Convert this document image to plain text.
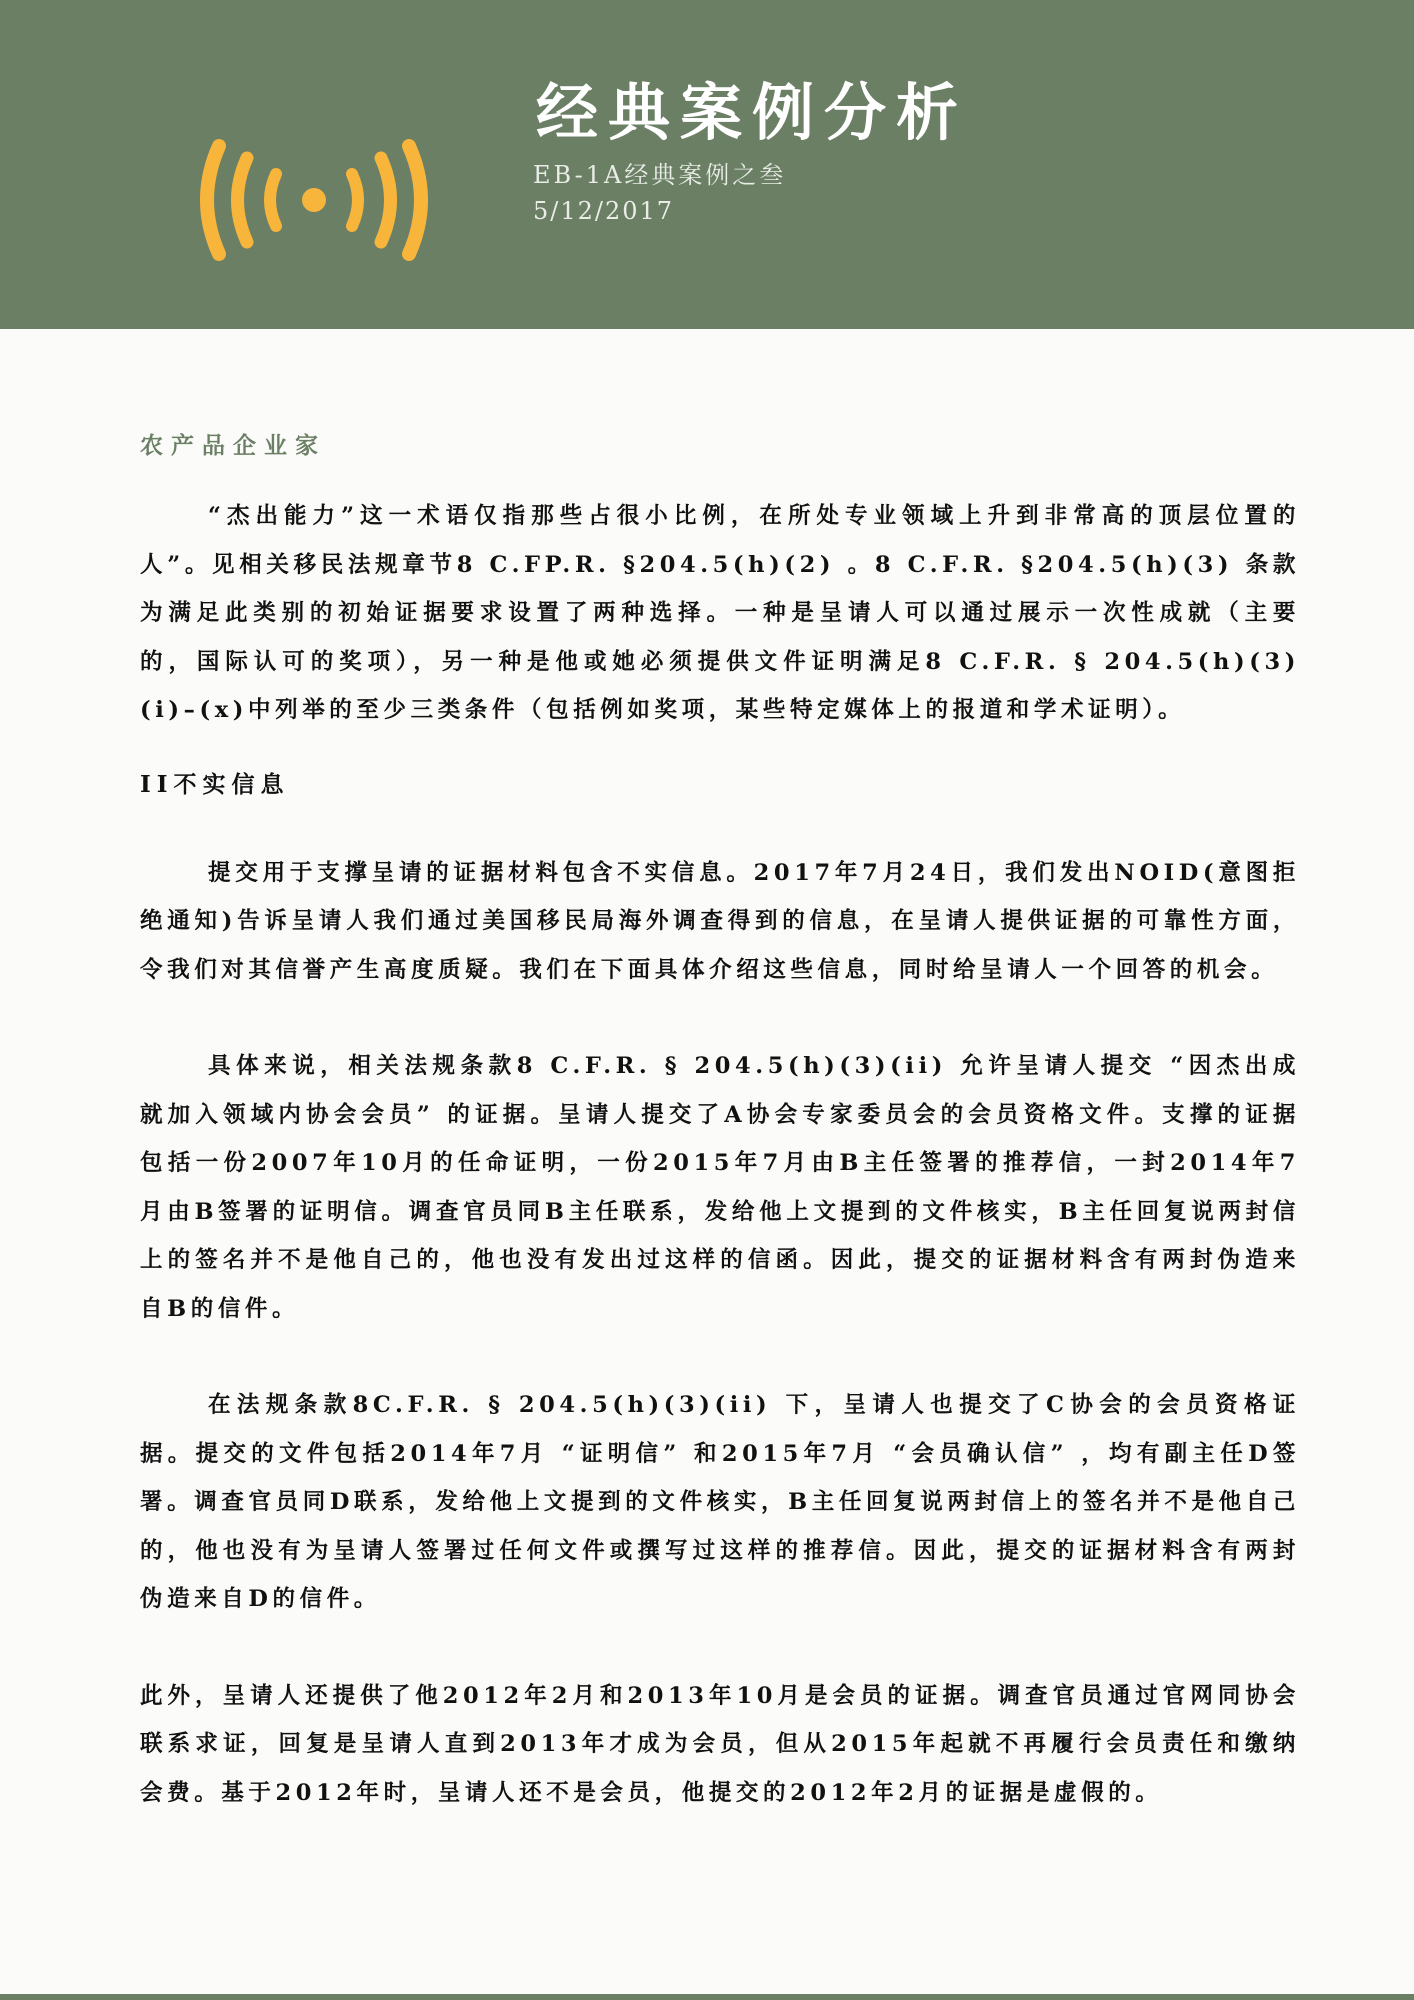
经典案例分析

EB-1A经典案例之叁

5/12/2017

农产品企业家

“杰出能力”这一术语仅指那些占很小比例，在所处专业领域上升到非常高的顶层位置的人”。见相关移民法规章节8 C.FP.R. §204.5(h)(2) 。8 C.F.R. §204.5(h)(3) 条款为满足此类别的初始证据要求设置了两种选择。一种是呈请人可以通过展示一次性成就（主要的，国际认可的奖项），另一种是他或她必须提供文件证明满足8 C.F.R. § 204.5(h)(3)(i)–(x)中列举的至少三类条件（包括例如奖项，某些特定媒体上的报道和学术证明）。

II不实信息

提交用于支撑呈请的证据材料包含不实信息。2017年7月24日，我们发出NOID(意图拒绝通知)告诉呈请人我们通过美国移民局海外调查得到的信息，在呈请人提供证据的可靠性方面，令我们对其信誉产生高度质疑。我们在下面具体介绍这些信息，同时给呈请人一个回答的机会。

具体来说，相关法规条款8 C.F.R. § 204.5(h)(3)(ii) 允许呈请人提交 “因杰出成就加入领域内协会会员” 的证据。呈请人提交了A协会专家委员会的会员资格文件。支撑的证据包括一份2007年10月的任命证明，一份2015年7月由B主任签署的推荐信，一封2014年7月由B签署的证明信。调查官员同B主任联系，发给他上文提到的文件核实，B主任回复说两封信上的签名并不是他自己的，他也没有发出过这样的信函。因此，提交的证据材料含有两封伪造来自B的信件。

在法规条款8C.F.R. § 204.5(h)(3)(ii) 下，呈请人也提交了C协会的会员资格证据。提交的文件包括2014年7月 “证明信” 和2015年7月 “会员确认信” ，均有副主任D签署。调查官员同D联系，发给他上文提到的文件核实，B主任回复说两封信上的签名并不是他自己的，他也没有为呈请人签署过任何文件或撰写过这样的推荐信。因此，提交的证据材料含有两封伪造来自D的信件。

此外，呈请人还提供了他2012年2月和2013年10月是会员的证据。调查官员通过官网同协会联系求证，回复是呈请人直到2013年才成为会员，但从2015年起就不再履行会员责任和缴纳会费。基于2012年时，呈请人还不是会员，他提交的2012年2月的证据是虚假的。
